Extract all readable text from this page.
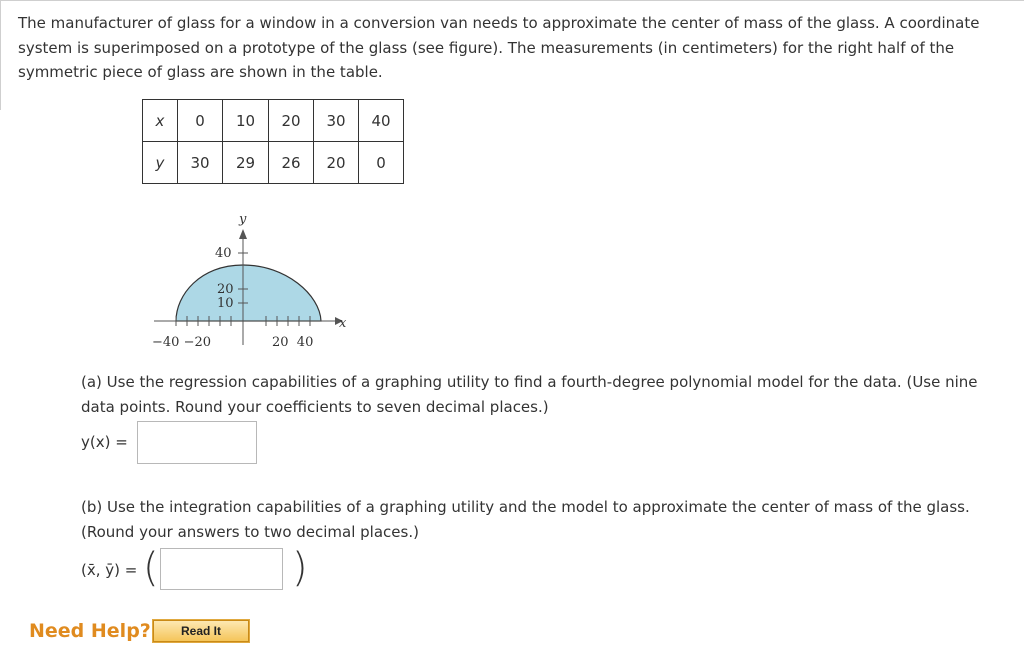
The manufacturer of glass for a window in a conversion van needs to approximate the center of mass of the glass. A coordinate system is superimposed on a prototype of the glass (see figure). The measurements (in centimeters) for the right half of the symmetric piece of glass are shown in the table.
x	0	10	20	30	40
y	30	29	26	20	0
y
x
40
20
10
−40 −20	20  40
(a) Use the regression capabilities of a graphing utility to find a fourth-degree polynomial model for the data. (Use nine data points. Round your coefficients to seven decimal places.)
y(x) =
(b) Use the integration capabilities of a graphing utility and the model to approximate the center of mass of the glass. (Round your answers to two decimal places.)
(x̄, ȳ) = (	)
Need Help?	Read It
